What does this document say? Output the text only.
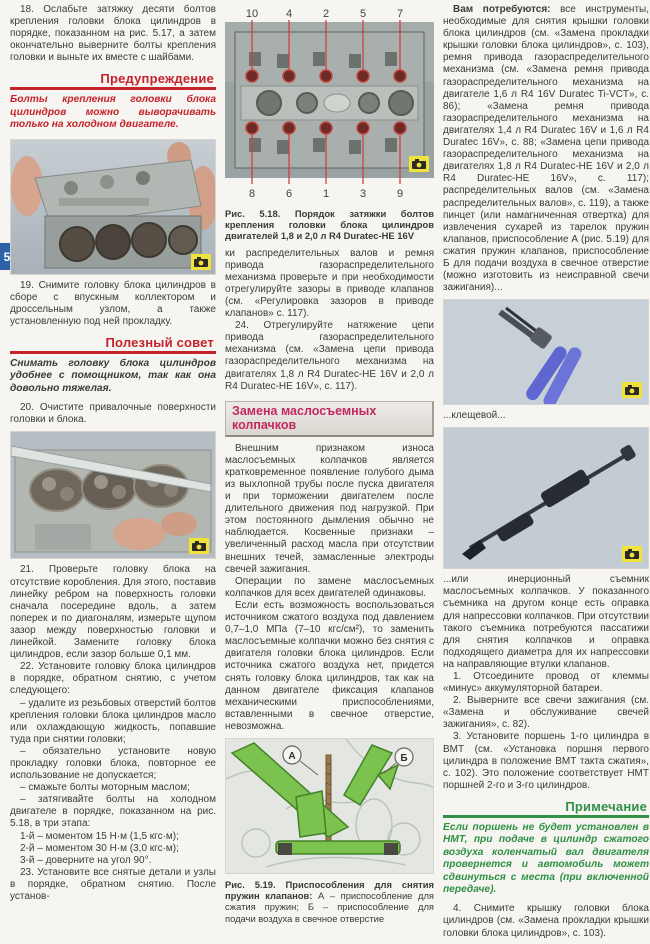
5

18. Ослабьте затяжку десяти болтов крепления головки блока цилиндров в порядке, показанном на рис. 5.17, а затем окончательно выверните болты крепления головки и выньте их вместе с шайбами.

Предупреждение
Болты крепления головки блока цилиндров можно выворачивать только на холодном двигателе.

19. Снимите головку блока цилиндров в сборе с впускным коллектором и дроссельным узлом, а также установленную под ней прокладку.

Полезный совет
Снимать головку блока цилиндров удобнее с помощником, так как она довольно тяжелая.

20. Очистите привалочные поверхности головки и блока.

21. Проверьте головку блока на отсутствие коробления. Для этого, поставив линейку ребром на поверхность головки сначала посередине вдоль, а затем поперек и по диагоналям, измерьте щупом зазор между поверхностью головки и линейкой. Замените головку блока цилиндров, если зазор больше 0,1 мм.

22. Установите головку блока цилиндров в порядке, обратном снятию, с учетом следующего:

– удалите из резьбовых отверстий болтов крепления головки блока цилиндров масло или охлаждающую жидкость, попавшие туда при снятии головки;

– обязательно установите новую прокладку головки блока, повторное ее использование не допускается;

– смажьте болты моторным маслом;

– затягивайте болты на холодном двигателе в порядке, показанном на рис. 5.18, в три этапа:

1-й – моментом 15 Н·м (1,5 кгс·м);

2-й – моментом 30 Н·м (3,0 кгс·м);

3-й – доверните на угол 90°.

23. Установите все снятые детали и узлы в порядке, обратном снятию. После установ-

10	4	2	5	7
8	6	1	3	9
Рис. 5.18. Порядок затяжки болтов крепления головки блока цилиндров двигателей 1,8 и 2,0 л R4 Duratec-HE 16V

ки распределительных валов и ремня привода газораспределительного механизма проверьте и при необходимости отрегулируйте зазоры в приводе клапанов (см. «Регулировка зазоров в приводе клапанов» с. 117).

24. Отрегулируйте натяжение цепи привода газораспределительного механизма (см. «Замена цепи привода газораспределительного механизма на двигателях 1,8 л R4 Duratec-HE 16V и 2,0 л R4 Duratec-HE 16V», с. 117).

Замена маслосъемных колпачков

Внешним признаком износа маслосъемных колпачков является кратковременное появление голубого дыма из выхлопной трубы после пуска двигателя и при торможении двигателем после длительного движения под нагрузкой. При этом постоянного дымления обычно не наблюдается. Косвенные признаки – увеличенный расход масла при отсутствии внешних течей, замасленные электроды свечей зажигания.

Операции по замене маслосъемных колпачков для всех двигателей одинаковы.

Если есть возможность воспользоваться источником сжатого воздуха под давлением 0,7–1,0 МПа (7–10 кгс/см²), то заменить маслосъемные колпачки можно без снятия с двигателя головки блока цилиндров. Если источника сжатого воздуха нет, придется снять головку блока цилиндров, так как на данном двигателе фиксация клапанов механическими приспособлениями, вставленными в свечное отверстие, невозможна.

А	Б
Рис. 5.19. Приспособления для снятия пружин клапанов: А – приспособление для сжатия пружин; Б – приспособление для подачи воздуха в свечное отверстие

Вам потребуются: все инструменты, необходимые для снятия крышки головки блока цилиндров (см. «Замена прокладки крышки головки блока цилиндров», с. 103), ремня привода газораспределительного механизма (см. «Замена ремня привода газораспределительного механизма на двигателе 1,6 л R4 16V Duratec Ti-VCT», с. 86); «Замена ремня привода газораспределительного механизма на двигателях 1,4 л R4 Duratec 16V и 1,6 л R4 Duratec 16V», с. 88; «Замена цепи привода газораспределительного механизма на двигателях 1,8 л R4 Duratec-HE 16V и 2,0 л R4 Duratec-HE 16V», с. 117); распределительных валов (см. «Замена распределительных валов», с. 119), а также пинцет (или намагниченная отвертка) для извлечения сухарей из тарелок пружин клапанов, приспособление А (рис. 5.19) для сжатия пружин клапанов, приспособление Б для подачи воздуха в свечное отверстие (можно изготовить из неисправной свечи зажигания)...

...клещевой...

...или инерционный съемник маслосъемных колпачков. У показанного съемника на другом конце есть оправка для напрессовки колпачков. При отсутствии такого съемника потребуются пассатижи для снятия колпачков и оправка подходящего диаметра для их напрессовки на направляющие втулки клапанов.

1. Отсоедините провод от клеммы «минус» аккумуляторной батареи.

2. Выверните все свечи зажигания (см. «Замена и обслуживание свечей зажигания», с. 82).

3. Установите поршень 1-го цилиндра в ВМТ (см. «Установка поршня первого цилиндра в положение ВМТ такта сжатия», с. 102). Это положение соответствует НМТ поршней 2-го и 3-го цилиндров.

Примечание
Если поршень не будет установлен в НМТ, при подаче в цилиндр сжатого воздуха коленчатый вал двигателя провернется и автомобиль может сдвинуться с места (при включенной передаче).

4. Снимите крышку головки блока цилиндров (см. «Замена прокладки крышки головки блока цилиндров», с. 103).
